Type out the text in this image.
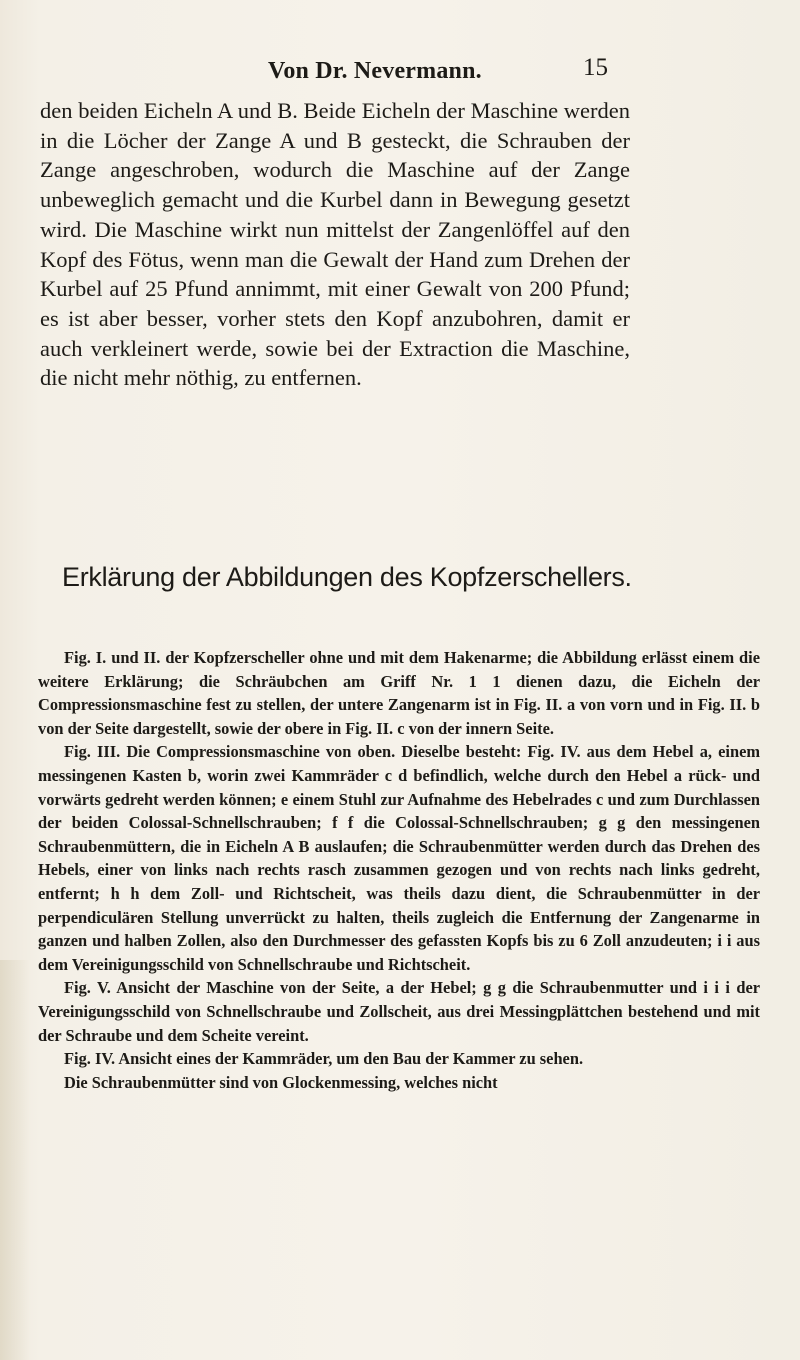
Von Dr. Nevermann.	15

den beiden Eicheln A und B. Beide Eicheln der Maschine werden in die Löcher der Zange A und B gesteckt, die Schrauben der Zange angeschroben, wodurch die Maschine auf der Zange unbeweglich gemacht und die Kurbel dann in Bewegung gesetzt wird. Die Maschine wirkt nun mittelst der Zangenlöffel auf den Kopf des Fötus, wenn man die Gewalt der Hand zum Drehen der Kurbel auf 25 Pfund annimmt, mit einer Gewalt von 200 Pfund; es ist aber besser, vorher stets den Kopf anzubohren, damit er auch verkleinert werde, sowie bei der Extraction die Maschine, die nicht mehr nöthig, zu entfernen.

Erklärung der Abbildungen des Kopfzerschellers.

Fig. I. und II. der Kopfzerscheller ohne und mit dem Hakenarme; die Abbildung erlässt einem die weitere Erklärung; die Schräubchen am Griff Nr. 1 1 dienen dazu, die Eicheln der Compressionsmaschine fest zu stellen, der untere Zangenarm ist in Fig. II. a von vorn und in Fig. II. b von der Seite dargestellt, sowie der obere in Fig. II. c von der innern Seite.

Fig. III. Die Compressionsmaschine von oben. Dieselbe besteht: Fig. IV. aus dem Hebel a, einem messingenen Kasten b, worin zwei Kammräder c d befindlich, welche durch den Hebel a rück- und vorwärts gedreht werden können; e einem Stuhl zur Aufnahme des Hebelrades c und zum Durchlassen der beiden Colossal-Schnellschrauben; f f die Colossal-Schnellschrauben; g g den messingenen Schraubenmüttern, die in Eicheln A B auslaufen; die Schraubenmütter werden durch das Drehen des Hebels, einer von links nach rechts rasch zusammen gezogen und von rechts nach links gedreht, entfernt; h h dem Zoll- und Richtscheit, was theils dazu dient, die Schraubenmütter in der perpendiculären Stellung unverrückt zu halten, theils zugleich die Entfernung der Zangenarme in ganzen und halben Zollen, also den Durchmesser des gefassten Kopfs bis zu 6 Zoll anzudeuten; i i aus dem Vereinigungsschild von Schnellschraube und Richtscheit.

Fig. V. Ansicht der Maschine von der Seite, a der Hebel; g g die Schraubenmutter und i i i der Vereinigungsschild von Schnellschraube und Zollscheit, aus drei Messingplättchen bestehend und mit der Schraube und dem Scheite vereint.

Fig. IV. Ansicht eines der Kammräder, um den Bau der Kammer zu sehen.

Die Schraubenmütter sind von Glockenmessing, welches nicht
